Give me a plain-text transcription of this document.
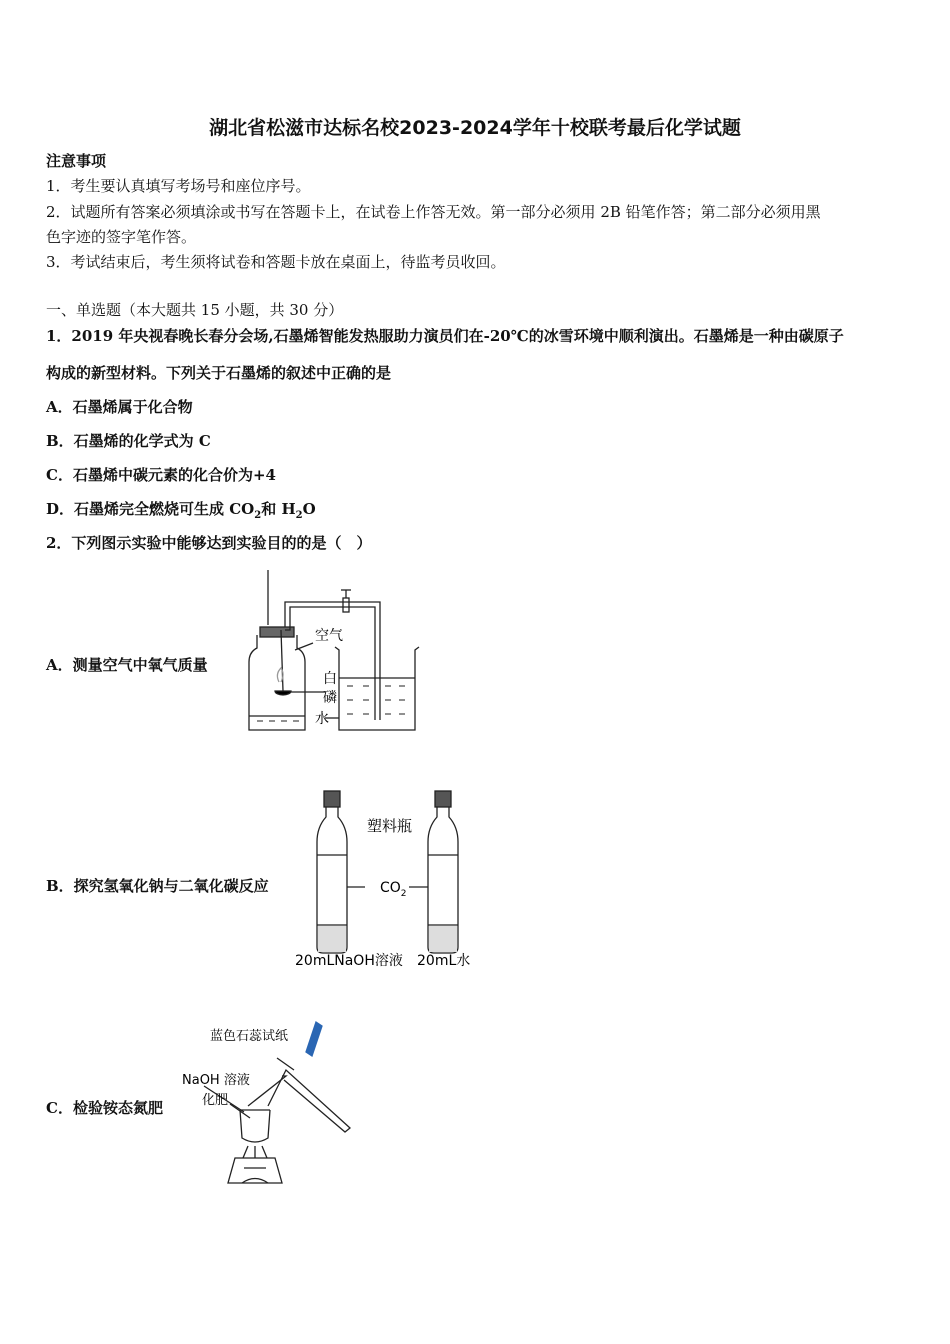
湖北省松滋市达标名校2023-2024学年十校联考最后化学试题
注意事项
1．考生要认真填写考场号和座位序号。
2．试题所有答案必须填涂或书写在答题卡上，在试卷上作答无效。第一部分必须用 2B 铅笔作答；第二部分必须用黑
色字迹的签字笔作答。
3．考试结束后，考生须将试卷和答题卡放在桌面上，待监考员收回。
一、单选题（本大题共 15 小题，共 30 分）
1．2019 年央视春晚长春分会场,石墨烯智能发热服助力演员们在-20℃的冰雪环境中顺利演出。石墨烯是一种由碳原子
构成的新型材料。下列关于石墨烯的叙述中正确的是
A．石墨烯属于化合物
B．石墨烯的化学式为 C
C．石墨烯中碳元素的化合价为+4
D．石墨烯完全燃烧可生成 $CO_2$和 $H_2O$
2．下列图示实验中能够达到实验目的的是（　）
A．测量空气中氧气质量
B．探究氢氧化钠与二氧化碳反应
C．检验铵态氮肥
空气
白
磷
水
塑料瓶
$CO_2$
20mLNaOH溶液 20mL水
蓝色石蕊试纸
NaOH 溶液
化肥
